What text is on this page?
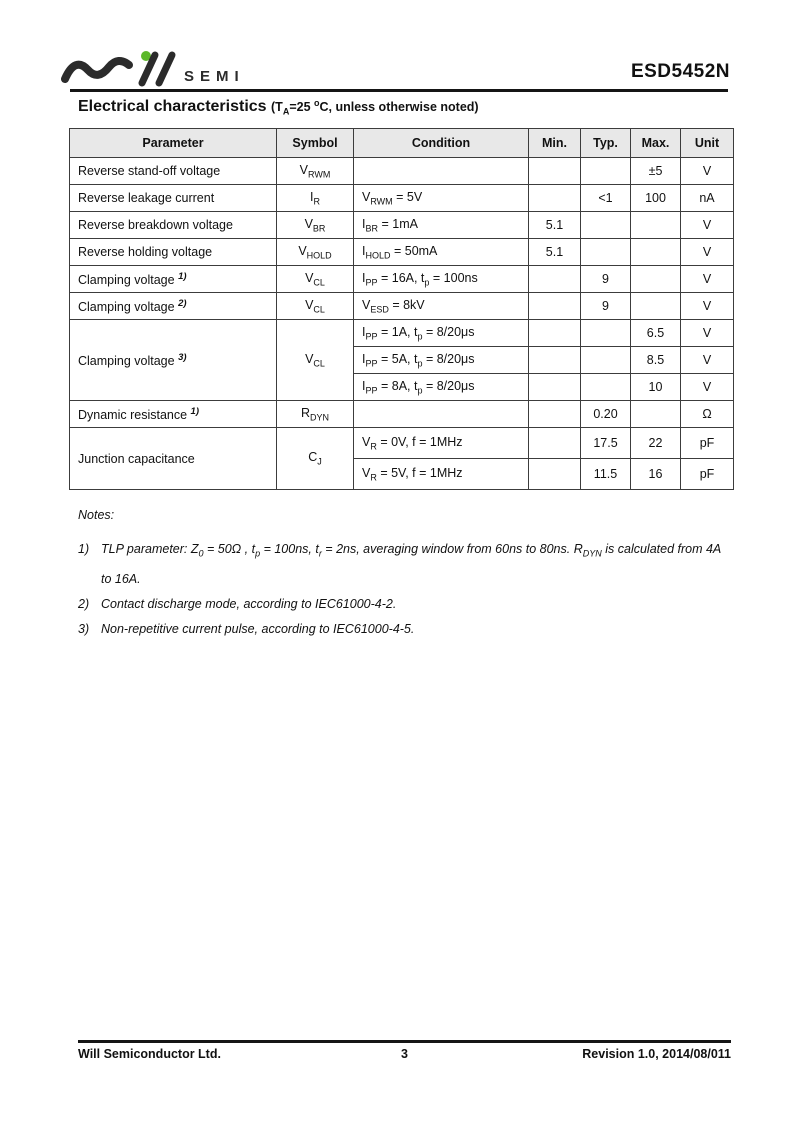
SEMI	ESD5452N
Electrical characteristics ($T_A=25$ $^o$C, unless otherwise noted)
Parameter	Symbol	Condition	Min.	Typ.	Max.	Unit
Reverse stand-off voltage	$V_{RWM}$				±5	V
Reverse leakage current	$I_R$	$V_{RWM} = 5V$		<1	100	nA
Reverse breakdown voltage	$V_{BR}$	$I_{BR} = 1mA$	5.1			V
Reverse holding voltage	$V_{HOLD}$	$I_{HOLD} = 50mA$	5.1			V
Clamping voltage $^{1)}$	$V_{CL}$	$I_{PP} = 16A$, $t_p = 100ns$		9		V
Clamping voltage $^{2)}$	$V_{CL}$	$V_{ESD} = 8kV$		9		V
Clamping voltage $^{3)}$	$V_{CL}$	$I_{PP} = 1A$, $t_p = 8/20\mu s$			6.5	V
		$I_{PP} = 5A$, $t_p = 8/20\mu s$			8.5	V
		$I_{PP} = 8A$, $t_p = 8/20\mu s$			10	V
Dynamic resistance $^{1)}$	$R_{DYN}$			0.20		Ω
Junction capacitance	$C_J$	$V_R = 0V$, f = 1MHz		17.5	22	pF
		$V_R = 5V$, f = 1MHz		11.5	16	pF
Notes:
1) TLP parameter: $Z_0 = 50\Omega$ , $t_p = 100ns$, $t_r = 2ns$, averaging window from 60ns to 80ns. $R_{DYN}$ is calculated from 4A to 16A.
2) Contact discharge mode, according to IEC61000-4-2.
3) Non-repetitive current pulse, according to IEC61000-4-5.
Will Semiconductor Ltd.	3	Revision 1.0, 2014/08/011
